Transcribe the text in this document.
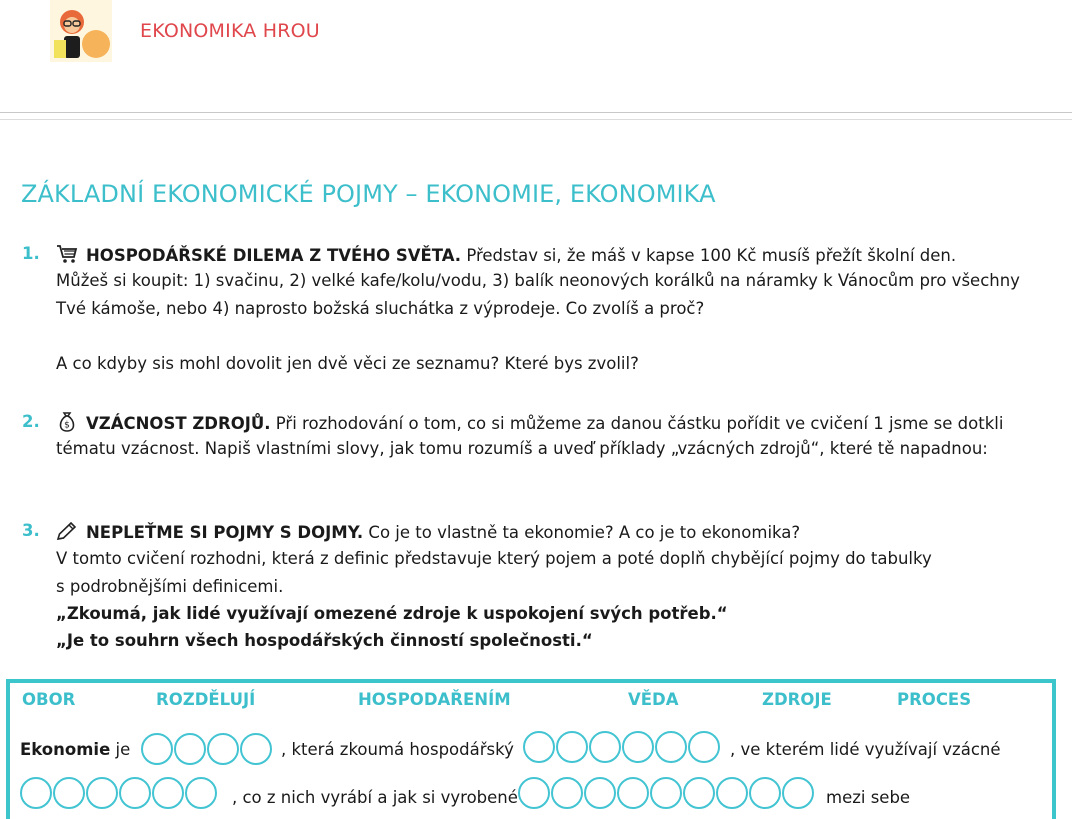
EKONOMIKA HROU
ZÁKLADNÍ EKONOMICKÉ POJMY – EKONOMIE, EKONOMIKA
1.	HOSPODÁŘSKÉ DILEMA Z TVÉHO SVĚTA. Představ si, že máš v kapse 100 Kč musíš přežít školní den.
Můžeš si koupit: 1) svačinu, 2) velké kafe/kolu/vodu, 3) balík neonových korálků na náramky k Vánocům pro všechny
Tvé kámoše, nebo 4) naprosto božská sluchátka z výprodeje. Co zvolíš a proč?
A co kdyby sis mohl dovolit jen dvě věci ze seznamu? Které bys zvolil?
2.	$ VZÁCNOST ZDROJŮ. Při rozhodování o tom, co si můžeme za danou částku pořídit ve cvičení 1 jsme se dotkli
tématu vzácnost. Napiš vlastními slovy, jak tomu rozumíš a uveď příklady „vzácných zdrojů“, které tě napadnou:
3.	NEPLEŤME SI POJMY S DOJMY. Co je to vlastně ta ekonomie? A co je to ekonomika?
V tomto cvičení rozhodni, která z definic představuje který pojem a poté doplň chybějící pojmy do tabulky
s podrobnějšími definicemi.
„Zkoumá, jak lidé využívají omezené zdroje k uspokojení svých potřeb.“
„Je to souhrn všech hospodářských činností společnosti.“
OBOR	ROZDĚLUJÍ	HOSPODAŘENÍM	VĚDA	ZDROJE	PROCES
Ekonomie je	, která zkoumá hospodářský	, ve kterém lidé využívají vzácné
, co z nich vyrábí a jak si vyrobené	mezi sebe
